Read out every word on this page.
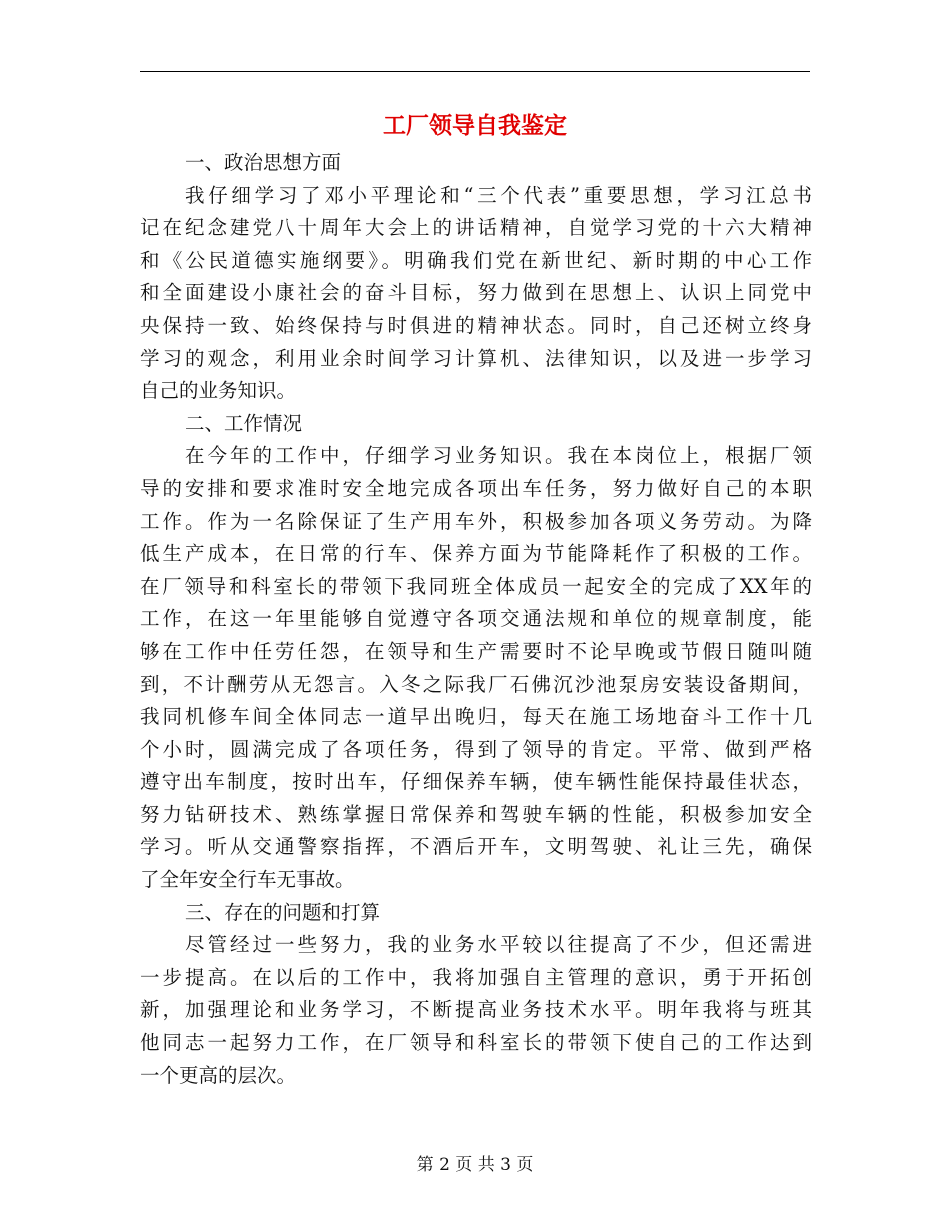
工厂领导自我鉴定
一、政治思想方面
我仔细学习了邓小平理论和“三个代表”重要思想，学习江总书
记在纪念建党八十周年大会上的讲话精神，自觉学习党的十六大精神
和《公民道德实施纲要》。明确我们党在新世纪、新时期的中心工作
和全面建设小康社会的奋斗目标，努力做到在思想上、认识上同党中
央保持一致、始终保持与时俱进的精神状态。同时，自己还树立终身
学习的观念，利用业余时间学习计算机、法律知识，以及进一步学习
自己的业务知识。
二、工作情况
在今年的工作中，仔细学习业务知识。我在本岗位上，根据厂领
导的安排和要求准时安全地完成各项出车任务，努力做好自己的本职
工作。作为一名除保证了生产用车外，积极参加各项义务劳动。为降
低生产成本，在日常的行车、保养方面为节能降耗作了积极的工作。
在厂领导和科室长的带领下我同班全体成员一起安全的完成了XX年的
工作，在这一年里能够自觉遵守各项交通法规和单位的规章制度，能
够在工作中任劳任怨，在领导和生产需要时不论早晚或节假日随叫随
到，不计酬劳从无怨言。入冬之际我厂石佛沉沙池泵房安装设备期间，
我同机修车间全体同志一道早出晚归，每天在施工场地奋斗工作十几
个小时，圆满完成了各项任务，得到了领导的肯定。平常、做到严格
遵守出车制度，按时出车，仔细保养车辆，使车辆性能保持最佳状态，
努力钻研技术、熟练掌握日常保养和驾驶车辆的性能，积极参加安全
学习。听从交通警察指挥，不酒后开车，文明驾驶、礼让三先，确保
了全年安全行车无事故。
三、存在的问题和打算
尽管经过一些努力，我的业务水平较以往提高了不少，但还需进
一步提高。在以后的工作中，我将加强自主管理的意识，勇于开拓创
新，加强理论和业务学习，不断提高业务技术水平。明年我将与班其
他同志一起努力工作，在厂领导和科室长的带领下使自己的工作达到
一个更高的层次。
第 2 页 共 3 页
